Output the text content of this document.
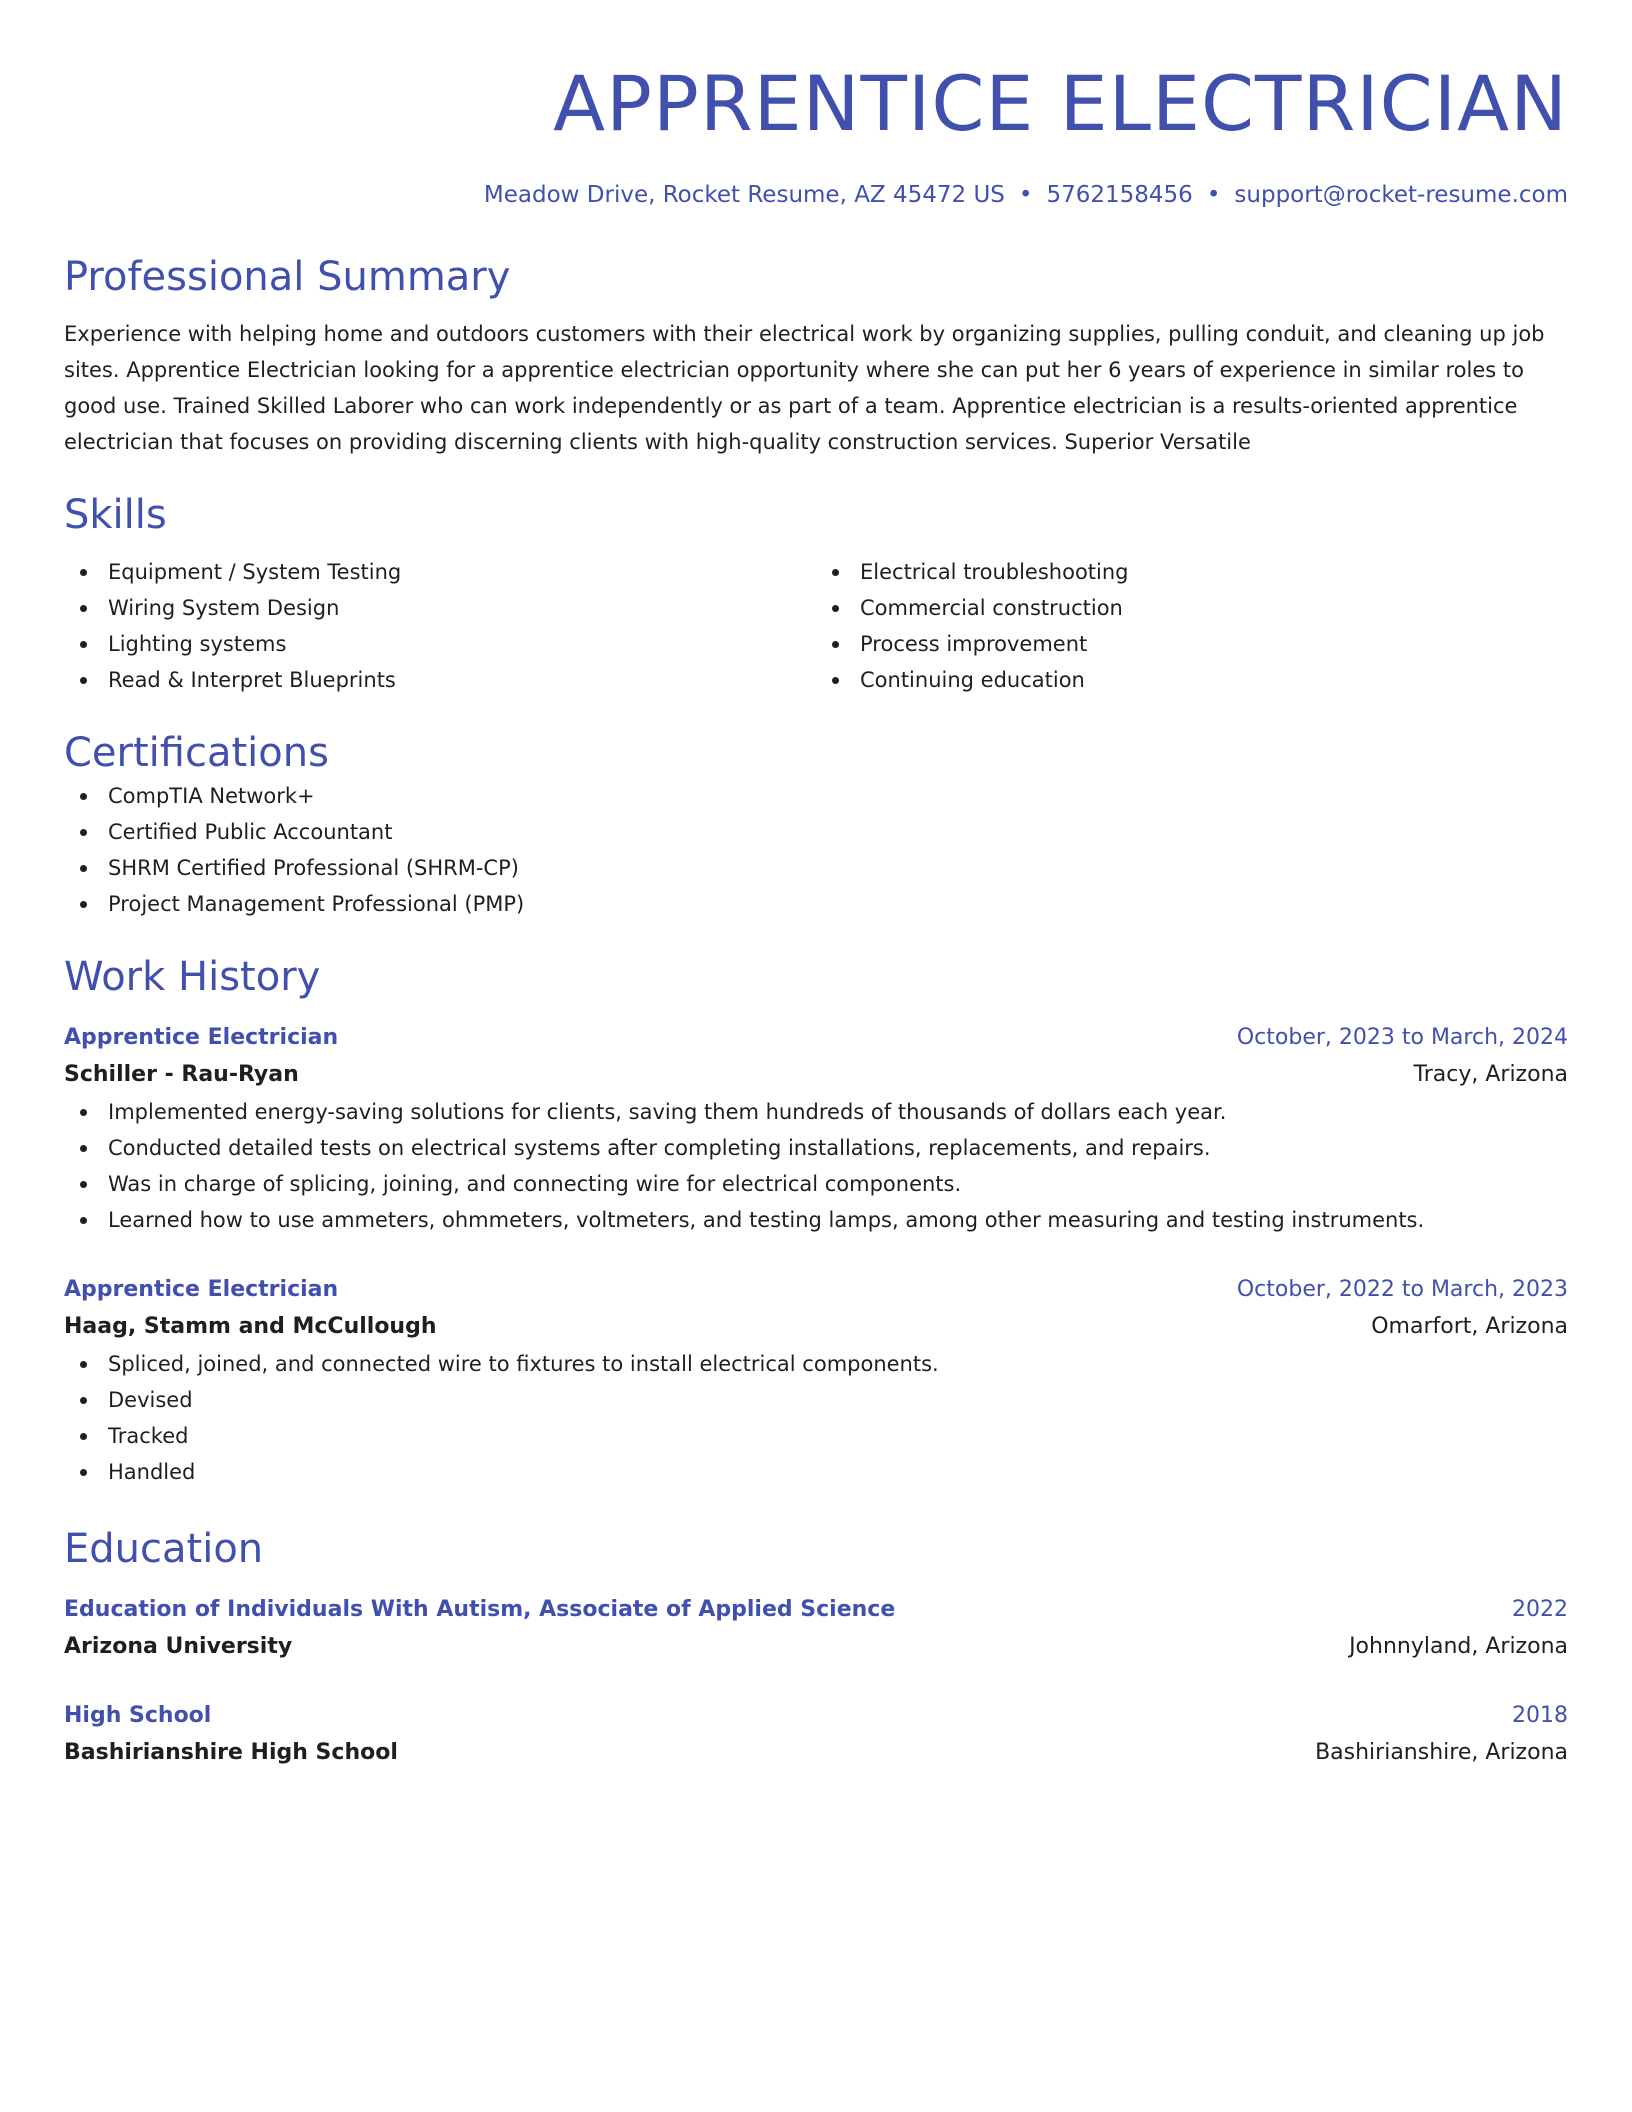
APPRENTICE ELECTRICIAN
Meadow Drive, Rocket Resume, AZ 45472 US • 5762158456 • support@rocket-resume.com
Professional Summary

Experience with helping home and outdoors customers with their electrical work by organizing supplies, pulling conduit, and cleaning up job sites. Apprentice Electrician looking for a apprentice electrician opportunity where she can put her 6 years of experience in similar roles to good use. Trained Skilled Laborer who can work independently or as part of a team. Apprentice electrician is a results-oriented apprentice electrician that focuses on providing discerning clients with high-quality construction services. Superior Versatile

Skills
Equipment / System Testing
Wiring System Design
Lighting systems
Read & Interpret Blueprints
Electrical troubleshooting
Commercial construction
Process improvement
Continuing education
Certifications
CompTIA Network+
Certified Public Accountant
SHRM Certified Professional (SHRM-CP)
Project Management Professional (PMP)
Work History
Apprentice Electrician	October, 2023 to March, 2024
Schiller - Rau-Ryan	Tracy, Arizona
Implemented energy-saving solutions for clients, saving them hundreds of thousands of dollars each year.
Conducted detailed tests on electrical systems after completing installations, replacements, and repairs.
Was in charge of splicing, joining, and connecting wire for electrical components.
Learned how to use ammeters, ohmmeters, voltmeters, and testing lamps, among other measuring and testing instruments.
Apprentice Electrician	October, 2022 to March, 2023
Haag, Stamm and McCullough	Omarfort, Arizona
Spliced, joined, and connected wire to fixtures to install electrical components.
Devised
Tracked
Handled
Education
Education of Individuals With Autism, Associate of Applied Science	2022
Arizona University	Johnnyland, Arizona
High School	2018
Bashirianshire High School	Bashirianshire, Arizona
